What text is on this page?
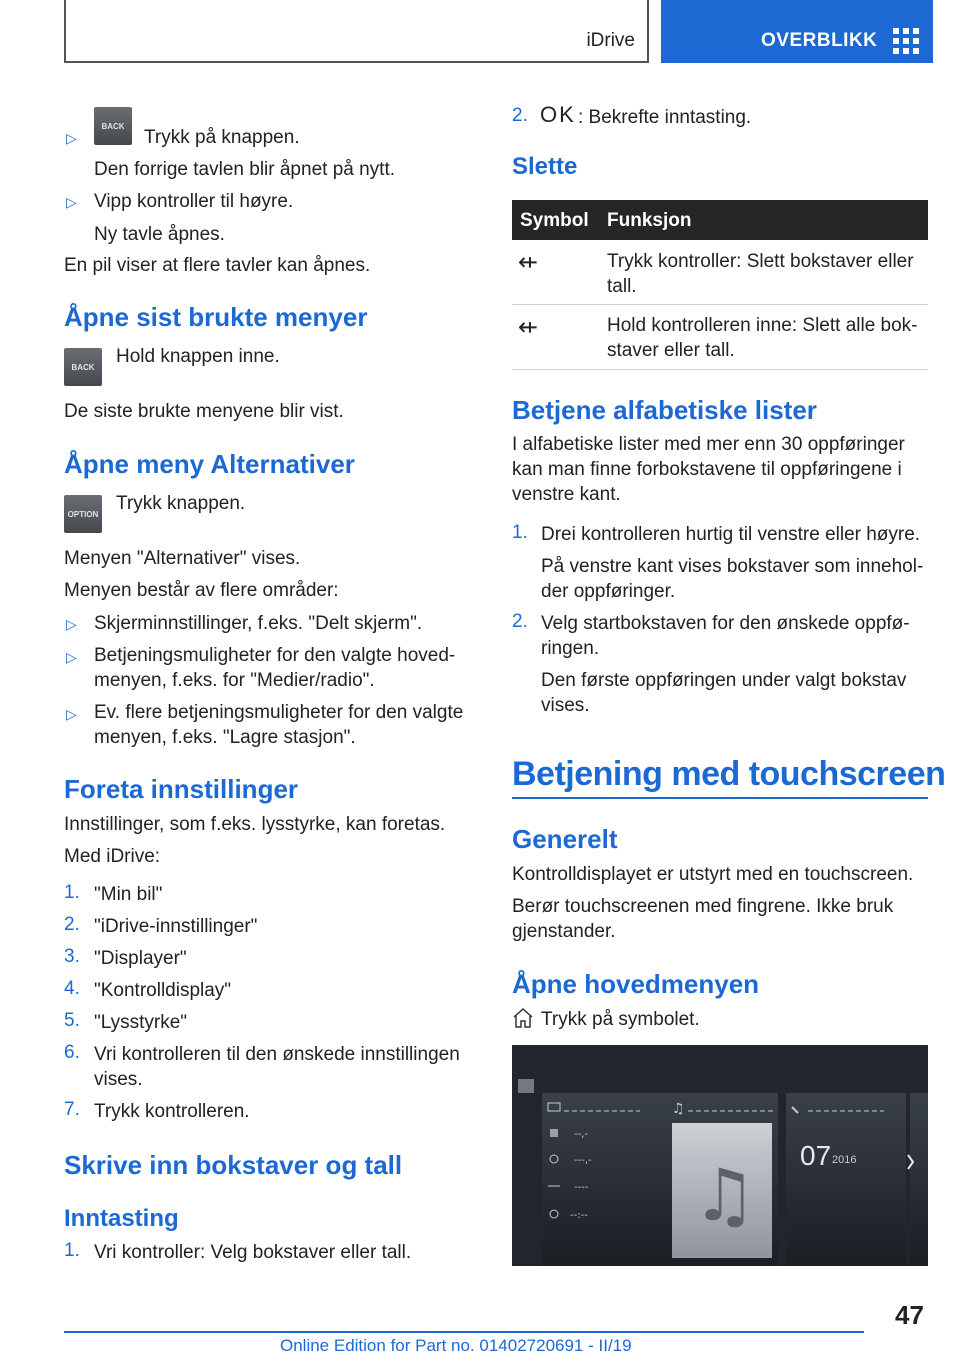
iDrive	OVERBLIKK
▷
BACK
Trykk på knappen.
Den forrige tavlen blir åpnet på nytt.
▷ Vipp kontroller til høyre.
Ny tavle åpnes.
En pil viser at flere tavler kan åpnes.
Åpne sist brukte menyer
BACK Hold knappen inne.
De siste brukte menyene blir vist.
Åpne meny Alternativer
OPTION Trykk knappen.
Menyen "Alternativer" vises.
Menyen består av flere områder:
▷ Skjerminnstillinger, f.eks. "Delt skjerm".
▷ Betjeningsmuligheter for den valgte hoved-
menyen, f.eks. for "Medier/radio".
▷ Ev. flere betjeningsmuligheter for den valgte
menyen, f.eks. "Lagre stasjon".
Foreta innstillinger
Innstillinger, som f.eks. lysstyrke, kan foretas.
Med iDrive:
1. "Min bil"
2. "iDrive-innstillinger"
3. "Displayer"
4. "Kontrolldisplay"
5. "Lysstyrke"
6. Vri kontrolleren til den ønskede innstillingen
vises.
7. Trykk kontrolleren.
Skrive inn bokstaver og tall
Inntasting
1. Vri kontroller: Velg bokstaver eller tall.
2. OK : Bekrefte inntasting.
Slette
Symbol Funksjon
⇷	Trykk kontroller: Slett bokstaver eller
tall.
⇷	Hold kontrolleren inne: Slett alle bok-
staver eller tall.
Betjene alfabetiske lister
I alfabetiske lister med mer enn 30 oppføringer
kan man finne forbokstavene til oppføringene i
venstre kant.
1. Drei kontrolleren hurtig til venstre eller høyre.
På venstre kant vises bokstaver som innehol-
der oppføringer.
2. Velg startbokstaven for den ønskede oppfø-
ringen.
Den første oppføringen under valgt bokstav
vises.
Betjening med touchscreen
Generelt
Kontrolldisplayet er utstyrt med en touchscreen.
Berør touchscreenen med fingrene. Ikke bruk
gjenstander.
Åpne hovedmenyen
Trykk på symbolet.
♫
--,-
---,-
----
--:-- ♫ 07 2016
47
Online Edition for Part no. 01402720691 - II/19
